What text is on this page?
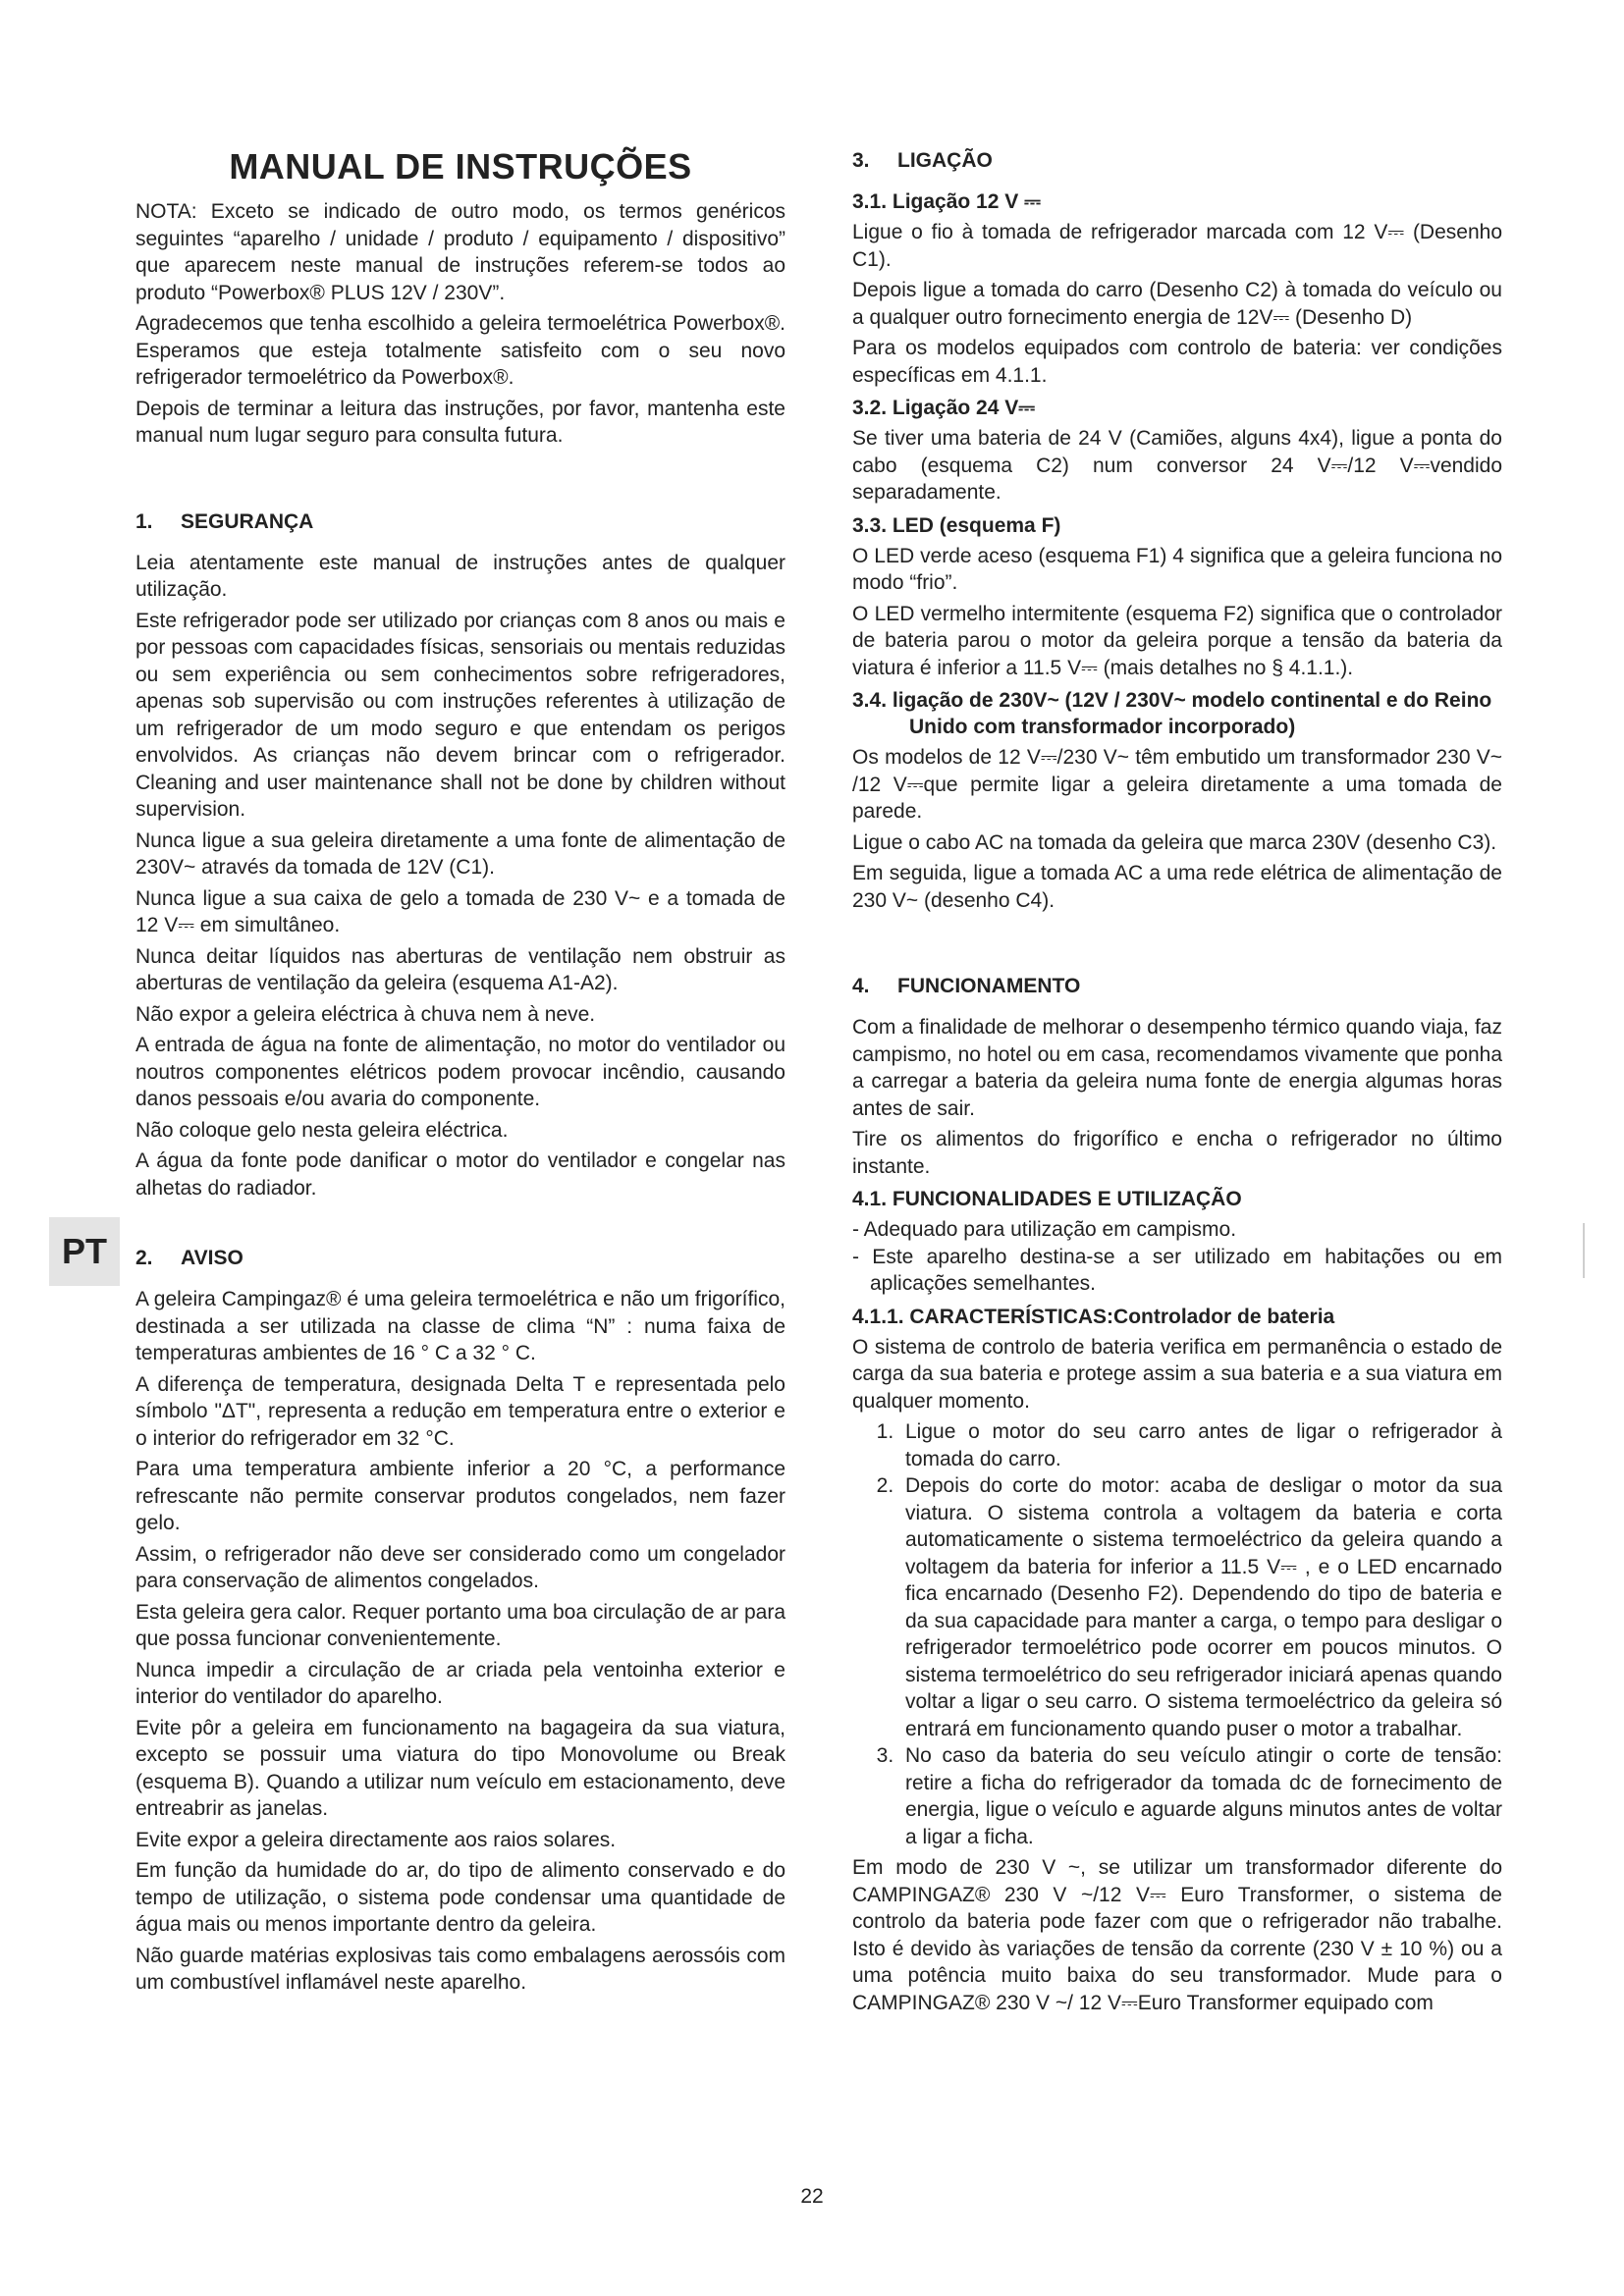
PT
MANUAL DE INSTRUÇÕES

NOTA: Exceto se indicado de outro modo, os termos genéricos seguintes “aparelho / unidade / produto / equipamento / dispositivo” que aparecem neste manual de instruções referem-se todos ao produto “Powerbox® PLUS 12V / 230V”.

Agradecemos que tenha escolhido a geleira termoelétrica Powerbox®. Esperamos que esteja totalmente satisfeito com o seu novo refrigerador termoelétrico da Powerbox®.

Depois de terminar a leitura das instruções, por favor, mantenha este manual num lugar seguro para consulta futura.

1. SEGURANÇA

Leia atentamente este manual de instruções antes de qualquer utilização.

Este refrigerador pode ser utilizado por crianças com 8 anos ou mais e por pessoas com capacidades físicas, sensoriais ou mentais reduzidas ou sem experiência ou sem conhecimentos sobre refrigeradores, apenas sob supervisão ou com instruções referentes à utilização de um refrigerador de um modo seguro e que entendam os perigos envolvidos. As crianças não devem brincar com o refrigerador. Cleaning and user maintenance shall not be done by children without supervision.

Nunca ligue a sua geleira diretamente a uma fonte de alimentação de 230V~ através da tomada de 12V (C1).

Nunca ligue a sua caixa de gelo a tomada de 230 V~ e a tomada de 12 V⎓ em simultâneo.

Nunca deitar líquidos nas aberturas de ventilação nem obstruir as aberturas de ventilação da geleira (esquema A1-A2).

Não expor a geleira eléctrica à chuva nem à neve.

A entrada de água na fonte de alimentação, no motor do ventilador ou noutros componentes elétricos podem provocar incêndio, causando danos pessoais e/ou avaria do componente.

Não coloque gelo nesta geleira eléctrica.

A água da fonte pode danificar o motor do ventilador e congelar nas alhetas do radiador.

2. AVISO

A geleira Campingaz® é uma geleira termoelétrica e não um frigorífico, destinada a ser utilizada na classe de clima “N” : numa faixa de temperaturas ambientes de 16 ° C a 32 ° C.

A diferença de temperatura, designada Delta T e representada pelo símbolo "ΔT", representa a redução em temperatura entre o exterior e o interior do refrigerador em 32 °C.

Para uma temperatura ambiente inferior a 20 °C, a performance refrescante não permite conservar produtos congelados, nem fazer gelo.

Assim, o refrigerador não deve ser considerado como um congelador para conservação de alimentos congelados.

Esta geleira gera calor. Requer portanto uma boa circulação de ar para que possa funcionar convenientemente.

Nunca impedir a circulação de ar criada pela ventoinha exterior e interior do ventilador do aparelho.

Evite pôr a geleira em funcionamento na bagageira da sua viatura, excepto se possuir uma viatura do tipo Monovolume ou Break (esquema B). Quando a utilizar num veículo em estacionamento, deve entreabrir as janelas.

Evite expor a geleira directamente aos raios solares.

Em função da humidade do ar, do tipo de alimento conservado e do tempo de utilização, o sistema pode condensar uma quantidade de água mais ou menos importante dentro da geleira.

Não guarde matérias explosivas tais como embalagens aerossóis com um combustível inflamável neste aparelho.

3. LIGAÇÃO
3.1. Ligação 12 V ⎓

Ligue o fio à tomada de refrigerador marcada com 12 V⎓ (Desenho C1).

Depois ligue a tomada do carro (Desenho C2) à tomada do veículo ou a qualquer outro fornecimento energia de 12V⎓ (Desenho D)

Para os modelos equipados com controlo de bateria: ver condições específicas em 4.1.1.

3.2. Ligação 24 V⎓

Se tiver uma bateria de 24 V (Camiões, alguns 4x4), ligue a ponta do cabo (esquema C2) num conversor 24 V⎓/12 V⎓vendido separadamente.

3.3. LED (esquema F)

O LED verde aceso (esquema F1) 4 significa que a geleira funciona no modo “frio”.

O LED vermelho intermitente (esquema F2) significa que o controlador de bateria parou o motor da geleira porque a tensão da bateria da viatura é inferior a 11.5 V⎓ (mais detalhes no § 4.1.1.).

3.4. ligação de 230V~ (12V / 230V~ modelo continental e do Reino Unido com transformador incorporado)

Os modelos de 12 V⎓/230 V~ têm embutido um transformador 230 V~ /12 V⎓que permite ligar a geleira diretamente a uma tomada de parede.

Ligue o cabo AC na tomada da geleira que marca 230V (desenho C3).

Em seguida, ligue a tomada AC a uma rede elétrica de alimentação de 230 V~ (desenho C4).

4. FUNCIONAMENTO

Com a finalidade de melhorar o desempenho térmico quando viaja, faz campismo, no hotel ou em casa, recomendamos vivamente que ponha a carregar a bateria da geleira numa fonte de energia algumas horas antes de sair.

Tire os alimentos do frigorífico e encha o refrigerador no último instante.

4.1. FUNCIONALIDADES E UTILIZAÇÃO
- Adequado para utilização em campismo.
- Este aparelho destina-se a ser utilizado em habitações ou em aplicações semelhantes.
4.1.1. CARACTERÍSTICAS:Controlador de bateria

O sistema de controlo de bateria verifica em permanência o estado de carga da sua bateria e protege assim a sua bateria e a sua viatura em qualquer momento.

1. Ligue o motor do seu carro antes de ligar o refrigerador à tomada do carro.
2. Depois do corte do motor: acaba de desligar o motor da sua viatura. O sistema controla a voltagem da bateria e corta automaticamente o sistema termoeléctrico da geleira quando a voltagem da bateria for inferior a 11.5 V⎓ , e o LED encarnado fica encarnado (Desenho F2). Dependendo do tipo de bateria e da sua capacidade para manter a carga, o tempo para desligar o refrigerador termoelétrico pode ocorrer em poucos minutos. O sistema termoelétrico do seu refrigerador iniciará apenas quando voltar a ligar o seu carro. O sistema termoeléctrico da geleira só entrará em funcionamento quando puser o motor a trabalhar.
3. No caso da bateria do seu veículo atingir o corte de tensão: retire a ficha do refrigerador da tomada dc de fornecimento de energia, ligue o veículo e aguarde alguns minutos antes de voltar a ligar a ficha.

Em modo de 230 V ~, se utilizar um transformador diferente do CAMPINGAZ® 230 V ~/12 V⎓ Euro Transformer, o sistema de controlo da bateria pode fazer com que o refrigerador não trabalhe. Isto é devido às variações de tensão da corrente (230 V ± 10 %) ou a uma potência muito baixa do seu transformador. Mude para o CAMPINGAZ® 230 V ~/ 12 V⎓Euro Transformer equipado com

22
